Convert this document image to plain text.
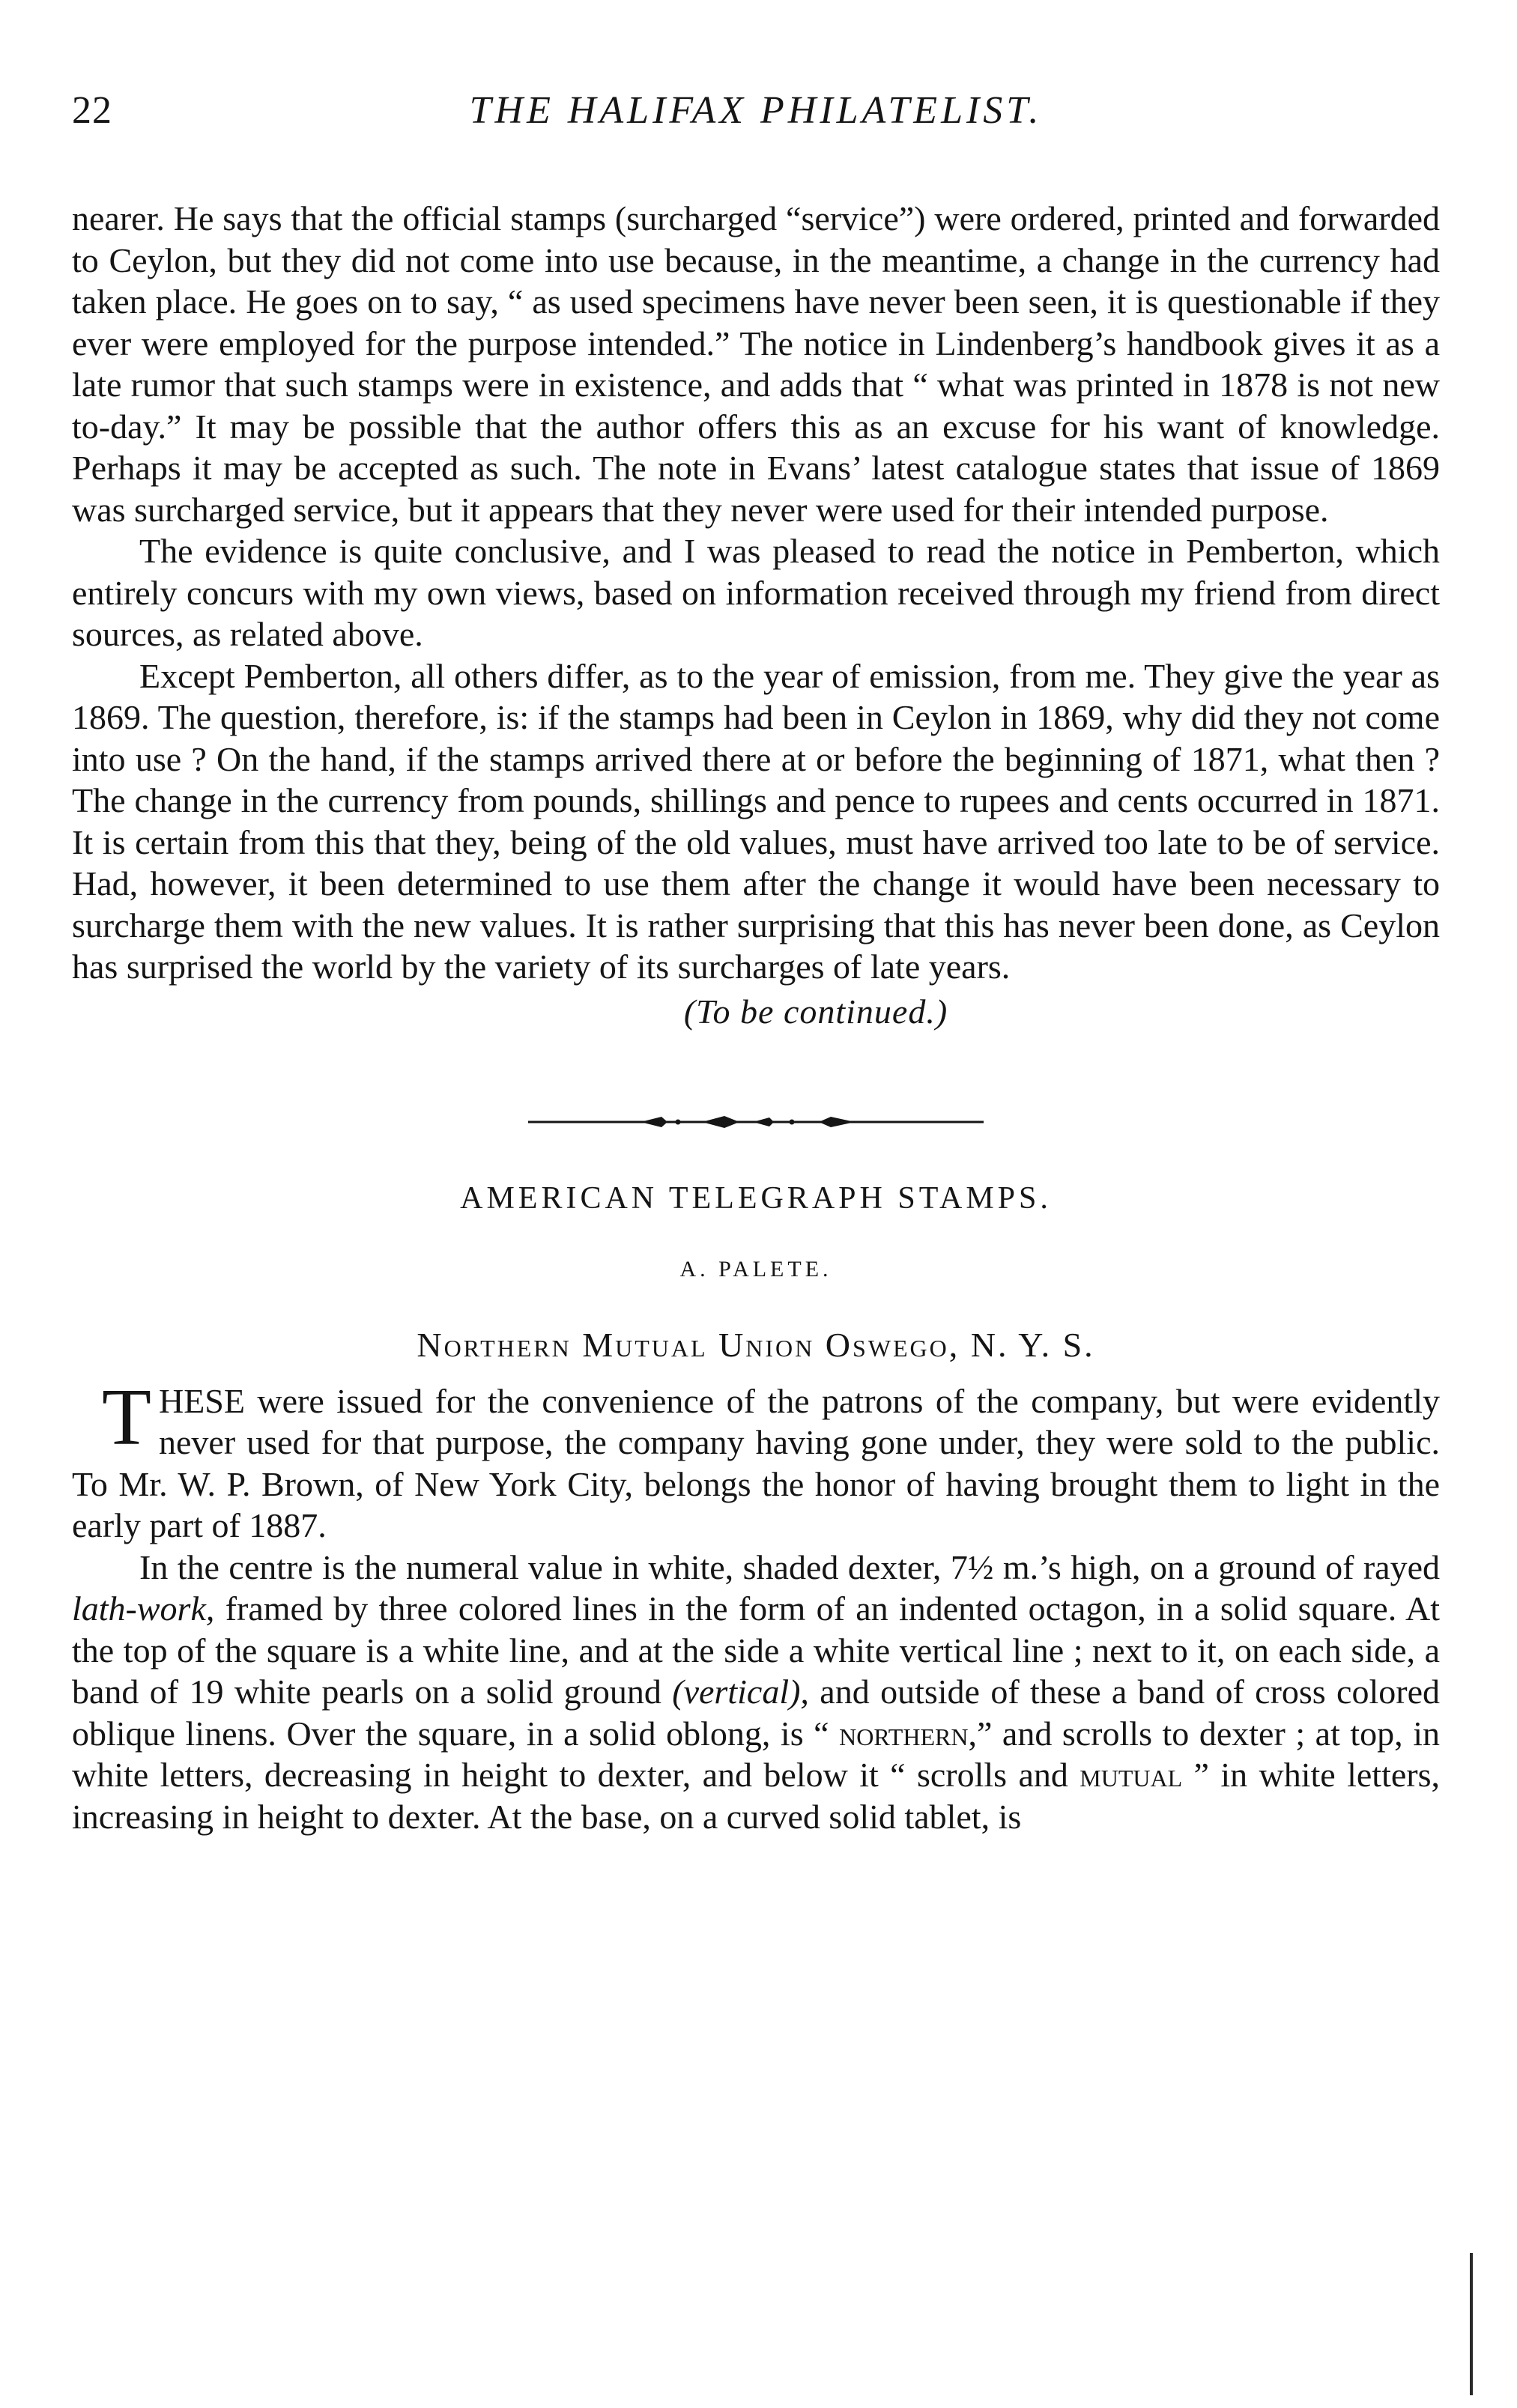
22	THE HALIFAX PHILATELIST.

nearer. He says that the official stamps (surcharged “service”) were ordered, printed and forwarded to Ceylon, but they did not come into use because, in the meantime, a change in the currency had taken place. He goes on to say, “ as used specimens have never been seen, it is questionable if they ever were employed for the purpose intended.” The notice in Lindenberg’s handbook gives it as a late rumor that such stamps were in existence, and adds that “ what was printed in 1878 is not new to-day.” It may be possible that the author offers this as an excuse for his want of knowledge. Perhaps it may be accepted as such. The note in Evans’ latest catalogue states that issue of 1869 was surcharged service, but it appears that they never were used for their intended purpose.

The evidence is quite conclusive, and I was pleased to read the notice in Pemberton, which entirely concurs with my own views, based on information received through my friend from direct sources, as related above.

Except Pemberton, all others differ, as to the year of emission, from me. They give the year as 1869. The question, therefore, is: if the stamps had been in Ceylon in 1869, why did they not come into use ? On the hand, if the stamps arrived there at or before the beginning of 1871, what then ? The change in the currency from pounds, shillings and pence to rupees and cents occurred in 1871. It is certain from this that they, being of the old values, must have arrived too late to be of service. Had, however, it been determined to use them after the change it would have been necessary to surcharge them with the new values. It is rather surprising that this has never been done, as Ceylon has surprised the world by the variety of its surcharges of late years.

(To be continued.)
AMERICAN TELEGRAPH STAMPS.
A. PALETE.
Northern Mutual Union Oswego, N. Y. S.

THESE were issued for the convenience of the patrons of the company, but were evidently never used for that purpose, the company having gone under, they were sold to the public. To Mr. W. P. Brown, of New York City, belongs the honor of having brought them to light in the early part of 1887.

In the centre is the numeral value in white, shaded dexter, 7½ m.’s high, on a ground of rayed lath-work, framed by three colored lines in the form of an indented octagon, in a solid square. At the top of the square is a white line, and at the side a white vertical line ; next to it, on each side, a band of 19 white pearls on a solid ground (vertical), and outside of these a band of cross colored oblique linens. Over the square, in a solid oblong, is “ northern,” and scrolls to dexter ; at top, in white letters, decreasing in height to dexter, and below it “ scrolls and mutual ” in white letters, increasing in height to dexter. At the base, on a curved solid tablet, is
